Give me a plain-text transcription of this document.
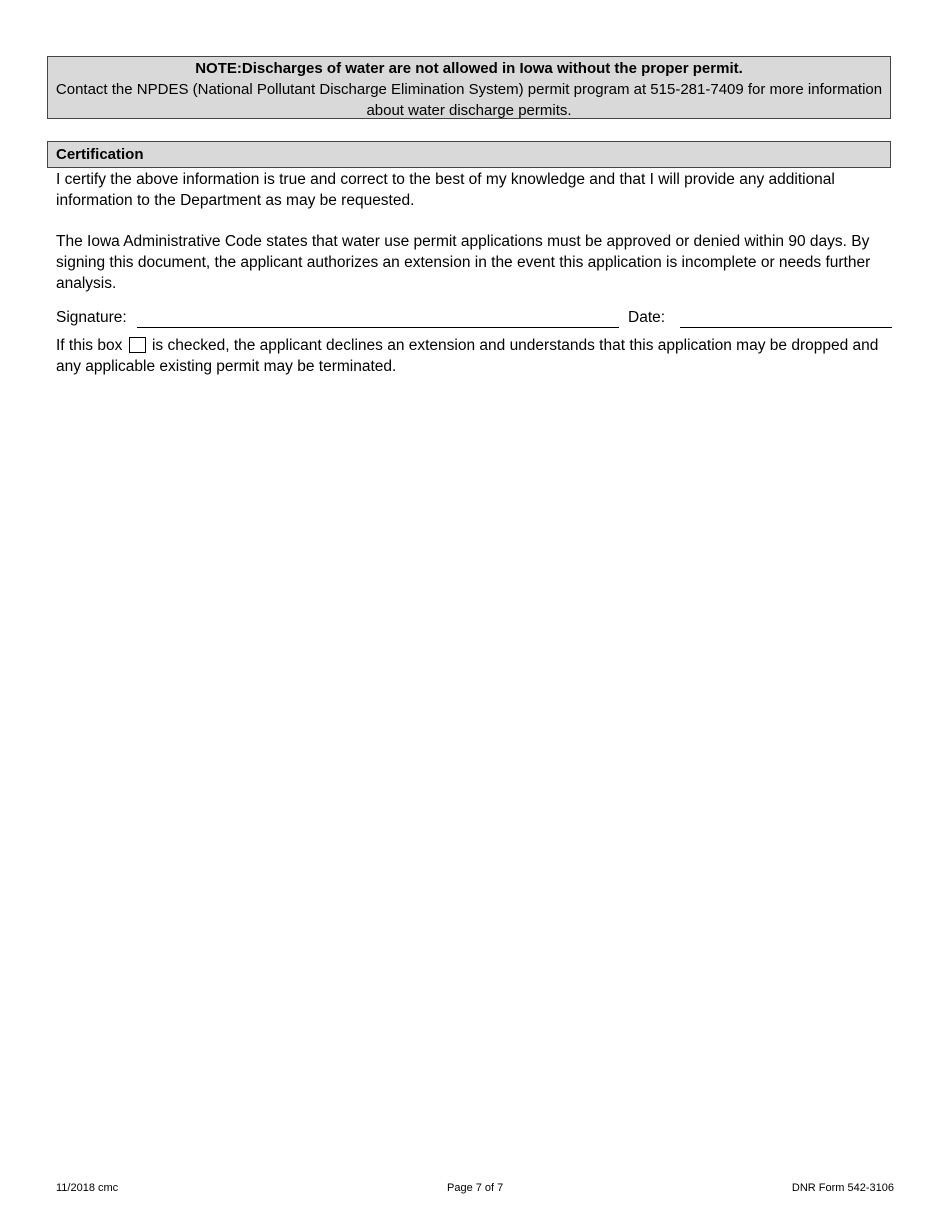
NOTE:Discharges of water are not allowed in Iowa without the proper permit.
Contact the NPDES (National Pollutant Discharge Elimination System) permit program at 515-281-7409 for more information about water discharge permits.
Certification
I certify the above information is true and correct to the best of my knowledge and that I will provide any additional information to the Department as may be requested.
The Iowa Administrative Code states that water use permit applications must be approved or denied within 90 days. By signing this document, the applicant authorizes an extension in the event this application is incomplete or needs further analysis.
Signature:	Date:
If this box is checked, the applicant declines an extension and understands that this application may be dropped and any applicable existing permit may be terminated.
11/2018 cmc	Page 7 of 7	DNR Form 542-3106
